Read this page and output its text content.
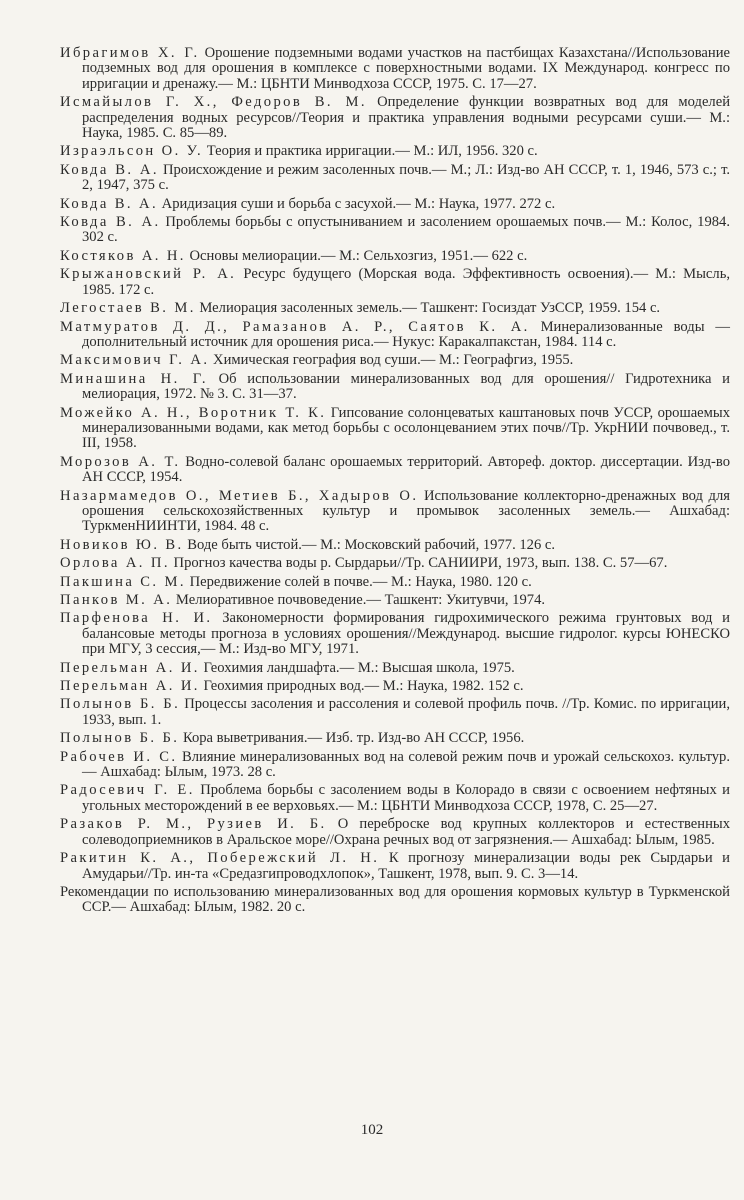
Ибрагимов Х. Г. Орошение подземными водами участков на пастбищах Казахстана//Использование подземных вод для орошения в комплексе с поверхностными водами. IX Международ. конгресс по ирригации и дренажу.— М.: ЦБНТИ Минводхоза СССР, 1975. С. 17—27.

Исмайылов Г. Х., Федоров В. М. Определение функции возвратных вод для моделей распределения водных ресурсов//Теория и практика управления водными ресурсами суши.— М.: Наука, 1985. С. 85—89.

Израэльсон О. У. Теория и практика ирригации.— М.: ИЛ, 1956. 320 с.

Ковда В. А. Происхождение и режим засоленных почв.— М.; Л.: Изд-во АН СССР, т. 1, 1946, 573 с.; т. 2, 1947, 375 с.

Ковда В. А. Аридизация суши и борьба с засухой.— М.: Наука, 1977. 272 с.

Ковда В. А. Проблемы борьбы с опустыниванием и засолением орошаемых почв.— М.: Колос, 1984. 302 с.

Костяков А. Н. Основы мелиорации.— М.: Сельхозгиз, 1951.— 622 с.

Крыжановский Р. А. Ресурс будущего (Морская вода. Эффективность освоения).— М.: Мысль, 1985. 172 с.

Легостаев В. М. Мелиорация засоленных земель.— Ташкент: Госиздат УзССР, 1959. 154 с.

Матмуратов Д. Д., Рамазанов А. Р., Саятов К. А. Минерализованные воды — дополнительный источник для орошения риса.— Нукус: Каракалпакстан, 1984. 114 с.

Максимович Г. А. Химическая география вод суши.— М.: Географгиз, 1955.

Минашина Н. Г. Об использовании минерализованных вод для орошения// Гидротехника и мелиорация, 1972. № 3. С. 31—37.

Можейко А. Н., Воротник Т. К. Гипсование солонцеватых каштановых почв УССР, орошаемых минерализованными водами, как метод борьбы с осолонцеванием этих почв//Тр. УкрНИИ почвовед., т. III, 1958.

Морозов А. Т. Водно-солевой баланс орошаемых территорий. Автореф. доктор. диссертации. Изд-во АН СССР, 1954.

Назармамедов О., Метиев Б., Хадыров О. Использование коллекторно-дренажных вод для орошения сельскохозяйственных культур и промывок засоленных земель.— Ашхабад: ТуркменНИИНТИ, 1984. 48 с.

Новиков Ю. В. Воде быть чистой.— М.: Московский рабочий, 1977. 126 с.

Орлова А. П. Прогноз качества воды р. Сырдарьи//Тр. САНИИРИ, 1973, вып. 138. С. 57—67.

Пакшина С. М. Передвижение солей в почве.— М.: Наука, 1980. 120 с.

Панков М. А. Мелиоративное почвоведение.— Ташкент: Укитувчи, 1974.

Парфенова Н. И. Закономерности формирования гидрохимического режима грунтовых вод и балансовые методы прогноза в условиях орошения//Международ. высшие гидролог. курсы ЮНЕСКО при МГУ, 3 сессия,— М.: Изд-во МГУ, 1971.

Перельман А. И. Геохимия ландшафта.— М.: Высшая школа, 1975.

Перельман А. И. Геохимия природных вод.— М.: Наука, 1982. 152 с.

Полынов Б. Б. Процессы засоления и рассоления и солевой профиль почв. //Тр. Комис. по ирригации, 1933, вып. 1.

Полынов Б. Б. Кора выветривания.— Изб. тр. Изд-во АН СССР, 1956.

Рабочев И. С. Влияние минерализованных вод на солевой режим почв и урожай сельскохоз. культур.— Ашхабад: Ылым, 1973. 28 с.

Радосевич Г. Е. Проблема борьбы с засолением воды в Колорадо в связи с освоением нефтяных и угольных месторождений в ее верховьях.— М.: ЦБНТИ Минводхоза СССР, 1978, С. 25—27.

Разаков Р. М., Рузиев И. Б. О переброске вод крупных коллекторов и естественных солеводоприемников в Аральское море//Охрана речных вод от загрязнения.— Ашхабад: Ылым, 1985.

Ракитин К. А., Побережский Л. Н. К прогнозу минерализации воды рек Сырдарьи и Амударьи//Тр. ин-та «Средазгипроводхлопок», Ташкент, 1978, вып. 9. С. 3—14.

Рекомендации по использованию минерализованных вод для орошения кормовых культур в Туркменской ССР.— Ашхабад: Ылым, 1982. 20 с.

102
